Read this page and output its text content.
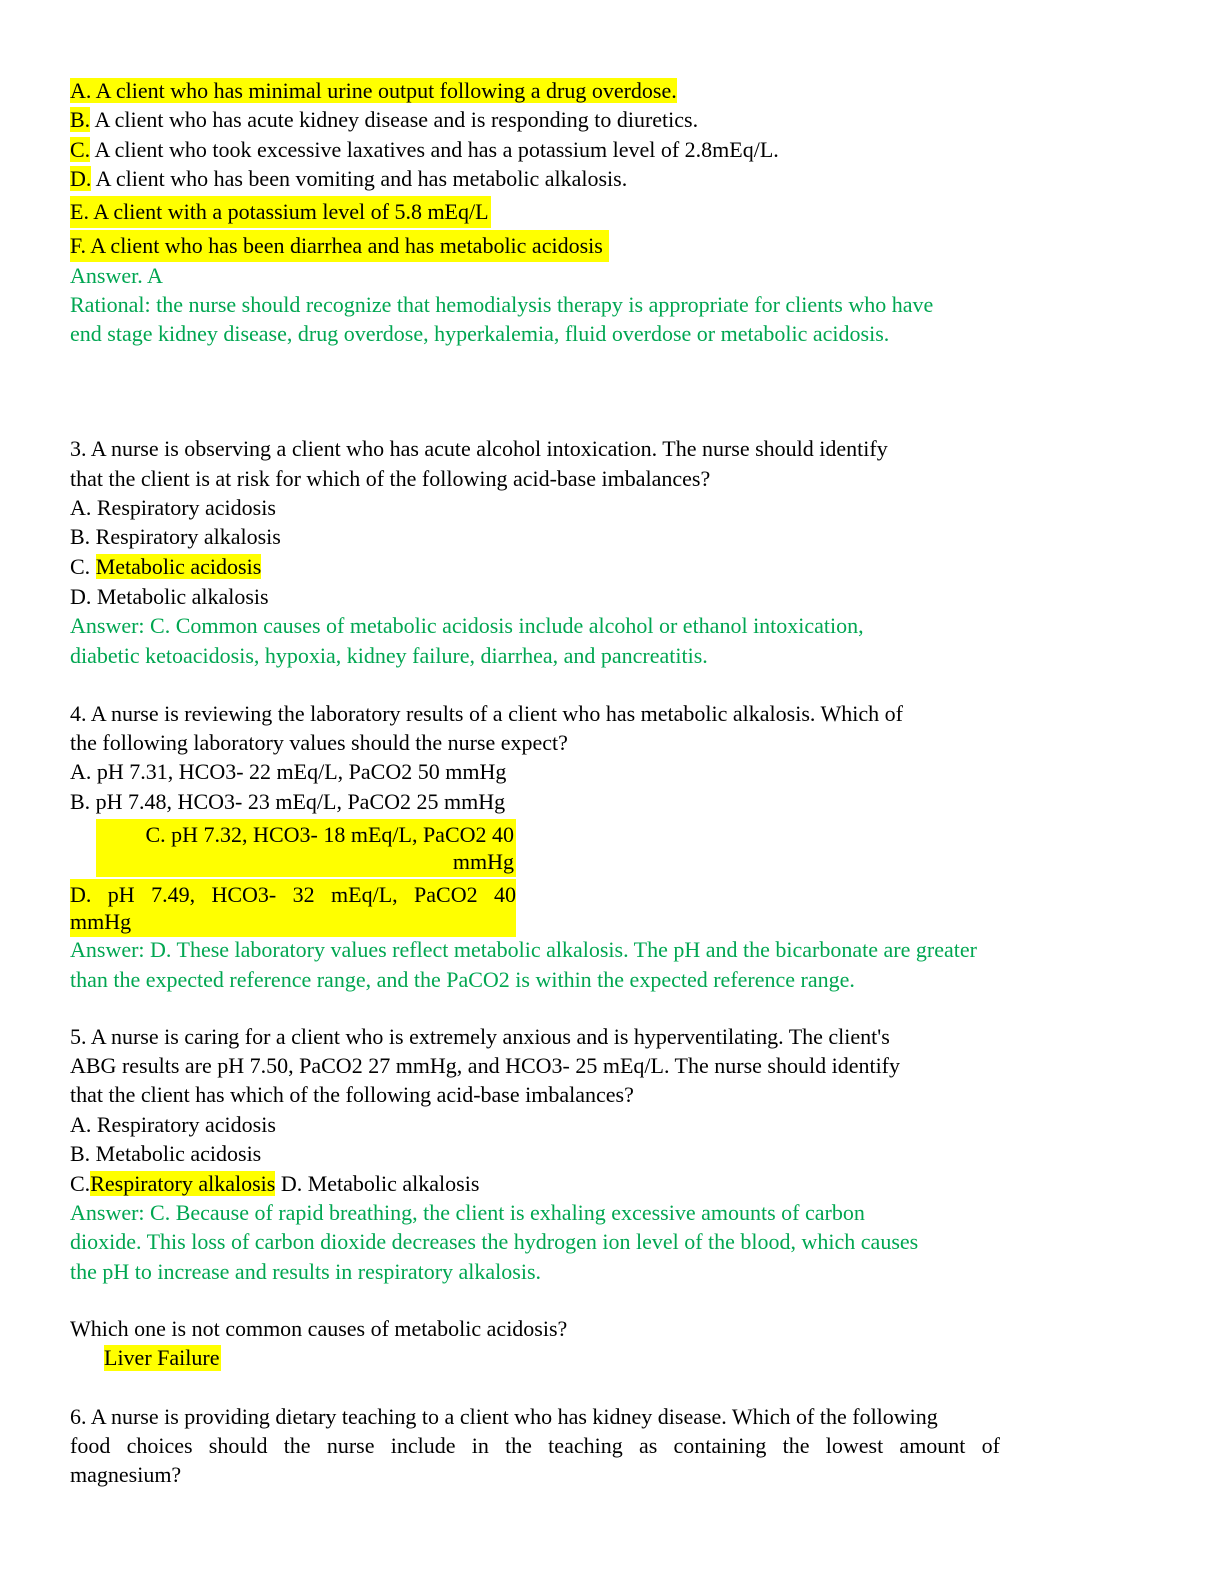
A. A client who has minimal urine output following a drug overdose.
B. A client who has acute kidney disease and is responding to diuretics.
C. A client who took excessive laxatives and has a potassium level of 2.8mEq/L.
D. A client who has been vomiting and has metabolic alkalosis.
E. A client with a potassium level of 5.8 mEq/L
F. A client who has been diarrhea and has metabolic acidosis
Answer. A
Rational: the nurse should recognize that hemodialysis therapy is appropriate for clients who have
end stage kidney disease, drug overdose, hyperkalemia, fluid overdose or metabolic acidosis.
3. A nurse is observing a client who has acute alcohol intoxication. The nurse should identify
that the client is at risk for which of the following acid-base imbalances?
A. Respiratory acidosis
B. Respiratory alkalosis
C. Metabolic acidosis
D. Metabolic alkalosis
Answer: C. Common causes of metabolic acidosis include alcohol or ethanol intoxication,
diabetic ketoacidosis, hypoxia, kidney failure, diarrhea, and pancreatitis.
4. A nurse is reviewing the laboratory results of a client who has metabolic alkalosis. Which of
the following laboratory values should the nurse expect?
A. pH 7.31, HCO3- 22 mEq/L, PaCO2 50 mmHg
B. pH 7.48, HCO3- 23 mEq/L, PaCO2 25 mmHg
C. pH 7.32, HCO3- 18 mEq/L, PaCO2 40
mmHg
D. pH 7.49, HCO3- 32 mEq/L, PaCO2 40
mmHg
Answer: D. These laboratory values reflect metabolic alkalosis. The pH and the bicarbonate are greater
than the expected reference range, and the PaCO2 is within the expected reference range.
5. A nurse is caring for a client who is extremely anxious and is hyperventilating. The client's
ABG results are pH 7.50, PaCO2 27 mmHg, and HCO3- 25 mEq/L. The nurse should identify
that the client has which of the following acid-base imbalances?
A. Respiratory acidosis
B. Metabolic acidosis
C.Respiratory alkalosis D. Metabolic alkalosis
Answer: C. Because of rapid breathing, the client is exhaling excessive amounts of carbon
dioxide. This loss of carbon dioxide decreases the hydrogen ion level of the blood, which causes
the pH to increase and results in respiratory alkalosis.
Which one is not common causes of metabolic acidosis?
Liver Failure
6. A nurse is providing dietary teaching to a client who has kidney disease. Which of the following
food choices should the nurse include in the teaching as containing the lowest amount of
magnesium?
